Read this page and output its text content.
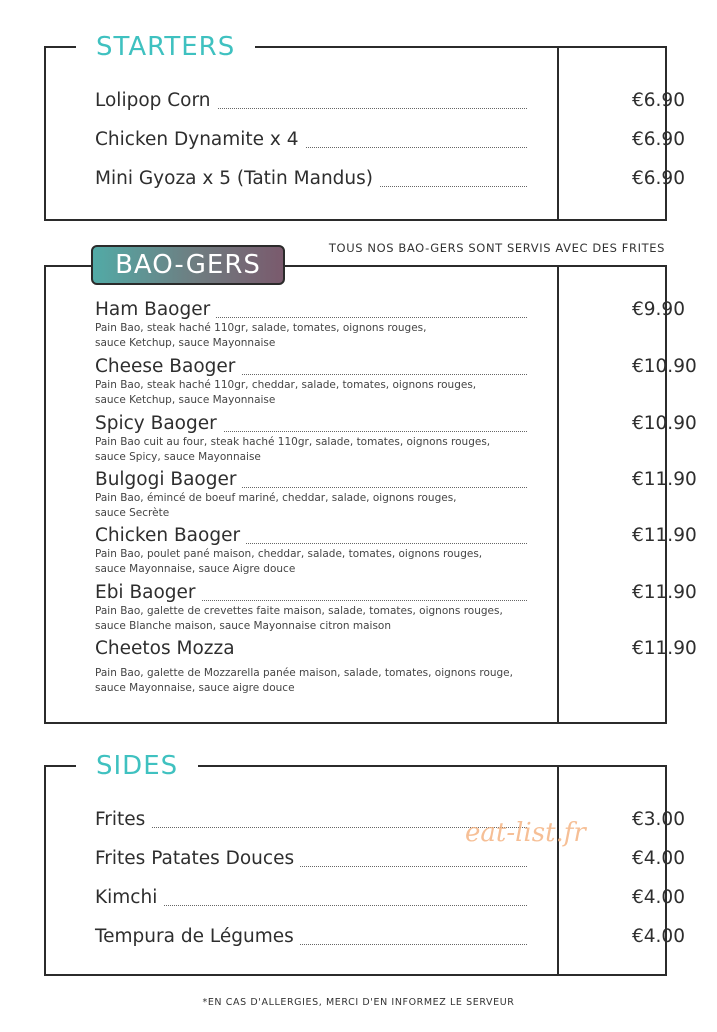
STARTERS
Lolipop Corn	€6.90
Chicken Dynamite x 4	€6.90
Mini Gyoza x 5 (Tatin Mandus)	€6.90
BAO-GERS
TOUS NOS BAO-GERS SONT SERVIS AVEC DES FRITES
Ham Baoger	€9.90
Pain Bao, steak haché 110gr, salade, tomates, oignons rouges,
sauce Ketchup, sauce Mayonnaise
Cheese Baoger	€10.90
Pain Bao, steak haché 110gr, cheddar, salade, tomates, oignons rouges,
sauce Ketchup, sauce Mayonnaise
Spicy Baoger	€10.90
Pain Bao cuit au four, steak haché 110gr, salade, tomates, oignons rouges,
sauce Spicy, sauce Mayonnaise
Bulgogi Baoger	€11.90
Pain Bao, émincé de boeuf mariné, cheddar, salade, oignons rouges,
sauce Secrète
Chicken Baoger	€11.90
Pain Bao, poulet pané maison, cheddar, salade, tomates, oignons rouges,
sauce Mayonnaise, sauce Aigre douce
Ebi Baoger	€11.90
Pain Bao, galette de crevettes faite maison, salade, tomates, oignons rouges,
sauce Blanche maison, sauce Mayonnaise citron maison
Cheetos Mozza	€11.90
Pain Bao, galette de Mozzarella panée maison, salade, tomates, oignons rouge,
sauce Mayonnaise, sauce aigre douce
SIDES
Frites	€3.00
Frites Patates Douces	€4.00
Kimchi	€4.00
Tempura de Légumes	€4.00
eat-list.fr
*EN CAS D'ALLERGIES, MERCI D'EN INFORMEZ LE SERVEUR
